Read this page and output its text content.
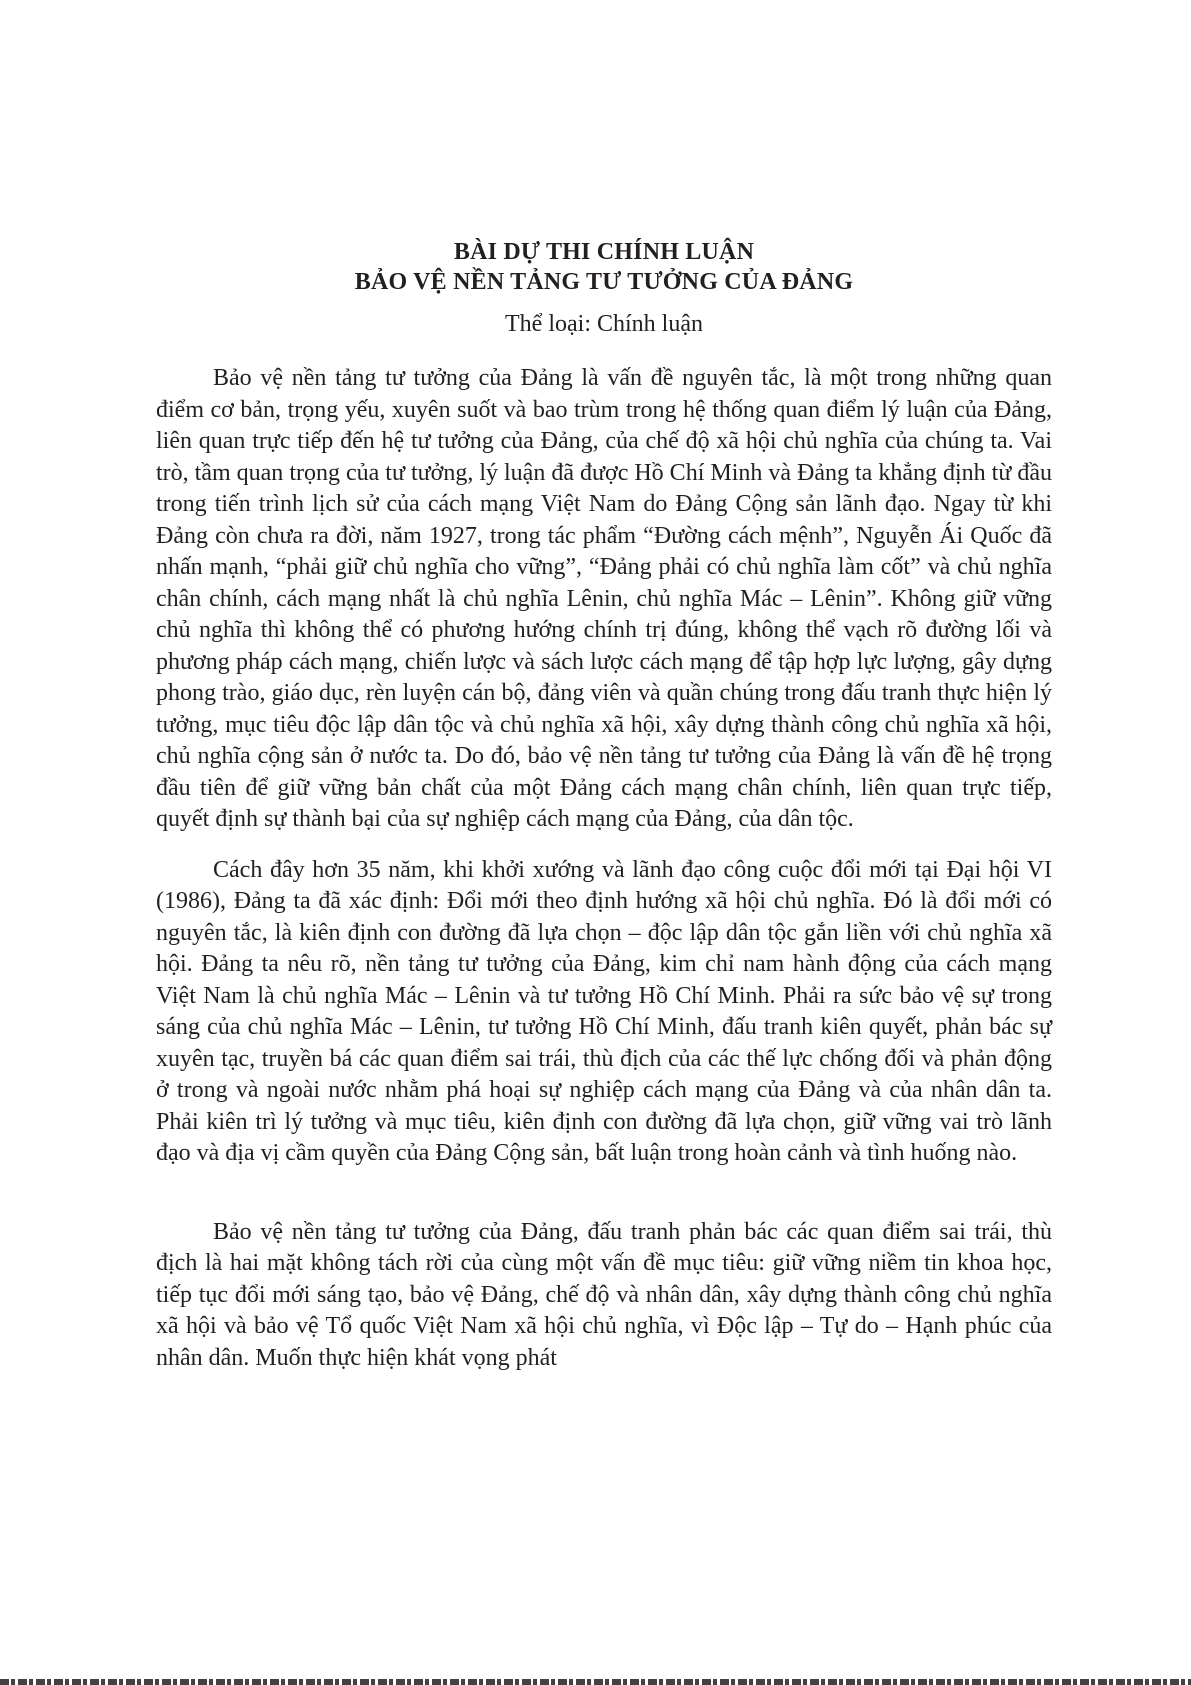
BÀI DỰ THI CHÍNH LUẬN
BẢO VỆ NỀN TẢNG TƯ TƯỞNG CỦA ĐẢNG

Thể loại: Chính luận

Bảo vệ nền tảng tư tưởng của Đảng là vấn đề nguyên tắc, là một trong những quan điểm cơ bản, trọng yếu, xuyên suốt và bao trùm trong hệ thống quan điểm lý luận của Đảng, liên quan trực tiếp đến hệ tư tưởng của Đảng, của chế độ xã hội chủ nghĩa của chúng ta. Vai trò, tầm quan trọng của tư tưởng, lý luận đã được Hồ Chí Minh và Đảng ta khẳng định từ đầu trong tiến trình lịch sử của cách mạng Việt Nam do Đảng Cộng sản lãnh đạo. Ngay từ khi Đảng còn chưa ra đời, năm 1927, trong tác phẩm “Đường cách mệnh”, Nguyễn Ái Quốc đã nhấn mạnh, “phải giữ chủ nghĩa cho vững”, “Đảng phải có chủ nghĩa làm cốt” và chủ nghĩa chân chính, cách mạng nhất là chủ nghĩa Lênin, chủ nghĩa Mác – Lênin”. Không giữ vững chủ nghĩa thì không thể có phương hướng chính trị đúng, không thể vạch rõ đường lối và phương pháp cách mạng, chiến lược và sách lược cách mạng để tập hợp lực lượng, gây dựng phong trào, giáo dục, rèn luyện cán bộ, đảng viên và quần chúng trong đấu tranh thực hiện lý tưởng, mục tiêu độc lập dân tộc và chủ nghĩa xã hội, xây dựng thành công chủ nghĩa xã hội, chủ nghĩa cộng sản ở nước ta. Do đó, bảo vệ nền tảng tư tưởng của Đảng là vấn đề hệ trọng đầu tiên để giữ vững bản chất của một Đảng cách mạng chân chính, liên quan trực tiếp, quyết định sự thành bại của sự nghiệp cách mạng của Đảng, của dân tộc.

Cách đây hơn 35 năm, khi khởi xướng và lãnh đạo công cuộc đổi mới tại Đại hội VI (1986), Đảng ta đã xác định: Đổi mới theo định hướng xã hội chủ nghĩa. Đó là đổi mới có nguyên tắc, là kiên định con đường đã lựa chọn – độc lập dân tộc gắn liền với chủ nghĩa xã hội. Đảng ta nêu rõ, nền tảng tư tưởng của Đảng, kim chỉ nam hành động của cách mạng Việt Nam là chủ nghĩa Mác – Lênin và tư tưởng Hồ Chí Minh. Phải ra sức bảo vệ sự trong sáng của chủ nghĩa Mác – Lênin, tư tưởng Hồ Chí Minh, đấu tranh kiên quyết, phản bác sự xuyên tạc, truyền bá các quan điểm sai trái, thù địch của các thế lực chống đối và phản động ở trong và ngoài nước nhằm phá hoại sự nghiệp cách mạng của Đảng và của nhân dân ta. Phải kiên trì lý tưởng và mục tiêu, kiên định con đường đã lựa chọn, giữ vững vai trò lãnh đạo và địa vị cầm quyền của Đảng Cộng sản, bất luận trong hoàn cảnh và tình huống nào.

Bảo vệ nền tảng tư tưởng của Đảng, đấu tranh phản bác các quan điểm sai trái, thù địch là hai mặt không tách rời của cùng một vấn đề mục tiêu: giữ vững niềm tin khoa học, tiếp tục đổi mới sáng tạo, bảo vệ Đảng, chế độ và nhân dân, xây dựng thành công chủ nghĩa xã hội và bảo vệ Tổ quốc Việt Nam xã hội chủ nghĩa, vì Độc lập – Tự do – Hạnh phúc của nhân dân. Muốn thực hiện khát vọng phát
